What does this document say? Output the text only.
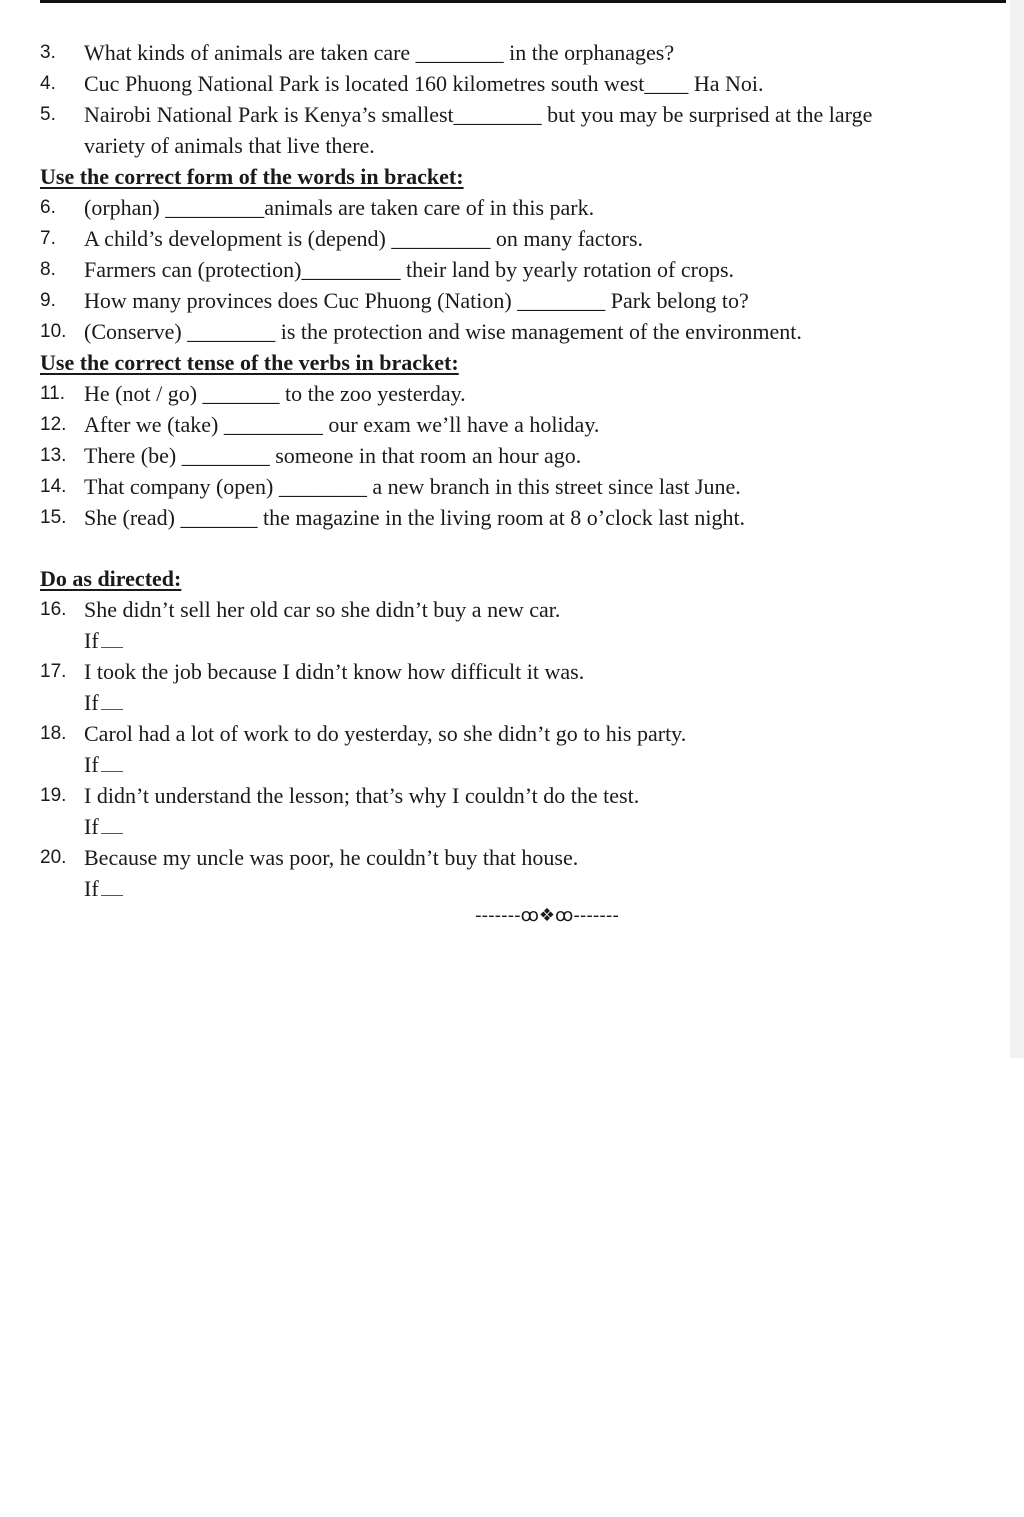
3.	What kinds of animals are taken care ________ in the orphanages?
4.	Cuc Phuong National Park is located 160 kilometres south west____ Ha Noi.
5.	Nairobi National Park is Kenya’s smallest________ but you may be surprised at the large
variety of animals that live there.
Use the correct form of the words in bracket:
6.	(orphan) _________animals are taken care of in this park.
7.	A child’s development is (depend) _________ on many factors.
8.	Farmers can (protection)_________ their land by yearly rotation of crops.
9.	How many provinces does Cuc Phuong (Nation) ________ Park belong to?
10. (Conserve) ________ is the protection and wise management of the environment.
Use the correct tense of the verbs in bracket:
11. He (not / go) _______ to the zoo yesterday.
12. After we (take) _________ our exam we’ll have a holiday.
13. There (be) ________ someone in that room an hour ago.
14. That company (open) ________ a new branch in this street since last June.
15. She (read) _______ the magazine in the living room at 8 o’clock last night.
Do as directed:
16. She didn’t sell her old car so she didn’t buy a new car.
If
17. I took the job because I didn’t know how difficult it was.
If
18. Carol had a lot of work to do yesterday, so she didn’t go to his party.
If
19. I didn’t understand the lesson; that’s why I couldn’t do the test.
If
20. Because my uncle was poor, he couldn’t buy that house.
If
-------ꝏ❖ꝏ-------
